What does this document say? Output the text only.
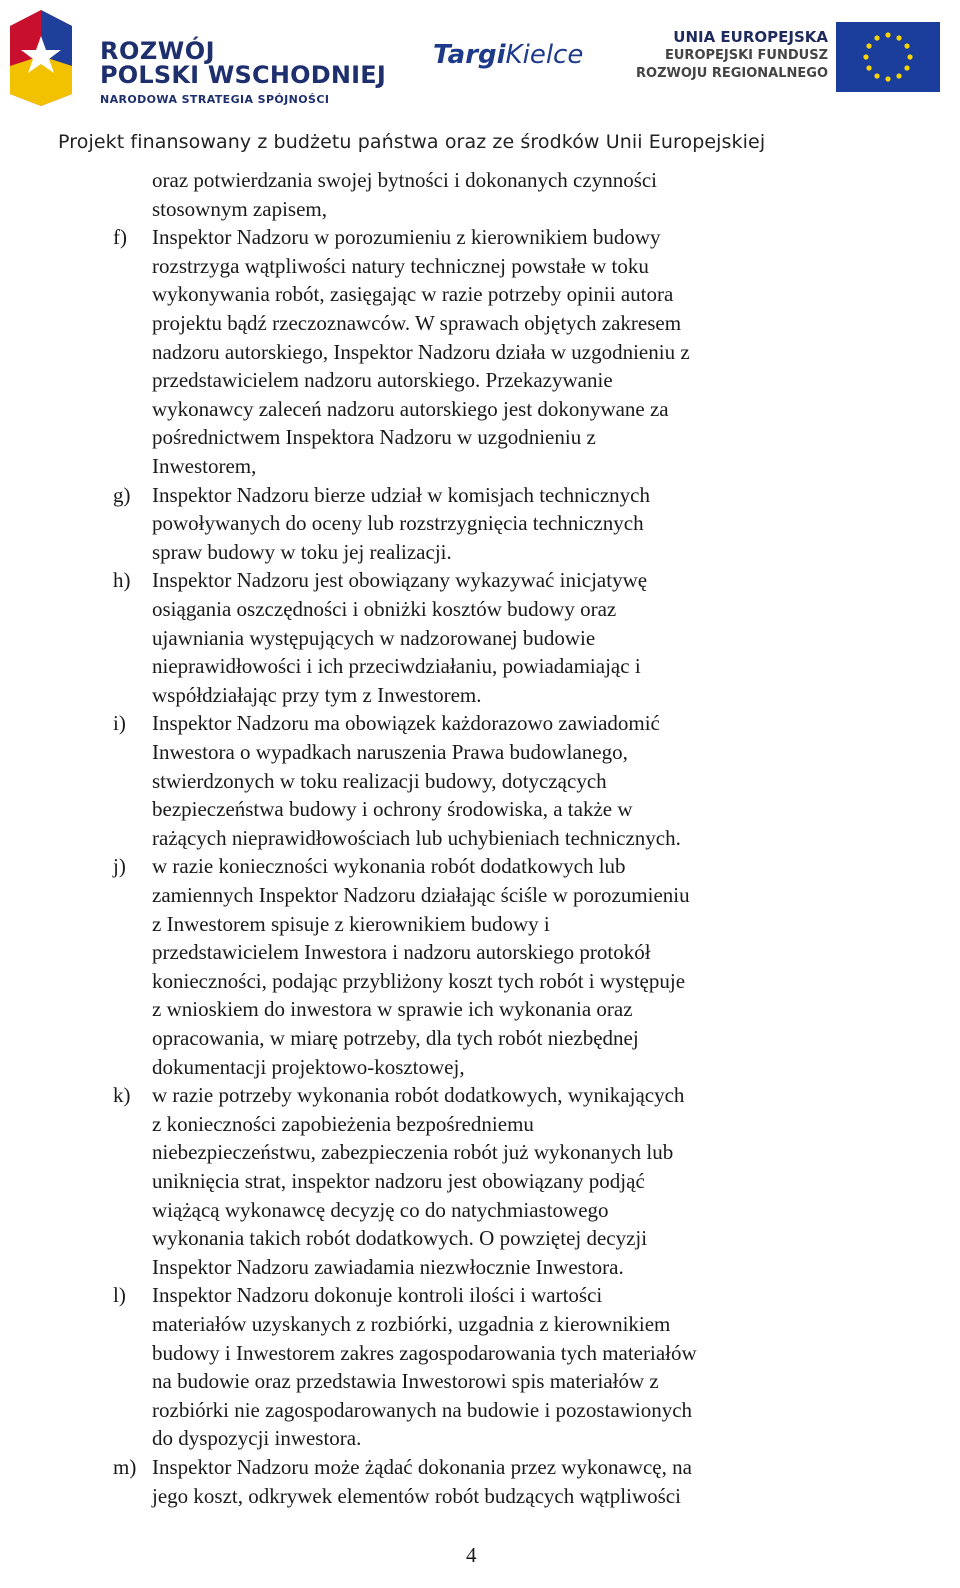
ROZWÓJ
POLSKI WSCHODNIEJ
NARODOWA STRATEGIA SPÓJNOŚCI
TargiKielce
UNIA EUROPEJSKA
EUROPEJSKI FUNDUSZ
ROZWOJU REGIONALNEGO
Projekt finansowany z budżetu państwa oraz ze środków Unii Europejskiej
oraz potwierdzania swojej bytności i dokonanych czynności
stosownym zapisem,
f) Inspektor Nadzoru w porozumieniu z kierownikiem budowy
rozstrzyga wątpliwości natury technicznej powstałe w toku
wykonywania robót, zasięgając w razie potrzeby opinii autora
projektu bądź rzeczoznawców. W sprawach objętych zakresem
nadzoru autorskiego, Inspektor Nadzoru działa w uzgodnieniu z
przedstawicielem nadzoru autorskiego. Przekazywanie
wykonawcy zaleceń nadzoru autorskiego jest dokonywane za
pośrednictwem Inspektora Nadzoru w uzgodnieniu z
Inwestorem,
g) Inspektor Nadzoru bierze udział w komisjach technicznych
powoływanych do oceny lub rozstrzygnięcia technicznych
spraw budowy w toku jej realizacji.
h) Inspektor Nadzoru jest obowiązany wykazywać inicjatywę
osiągania oszczędności i obniżki kosztów budowy oraz
ujawniania występujących w nadzorowanej budowie
nieprawidłowości i ich przeciwdziałaniu, powiadamiając i
współdziałając przy tym z Inwestorem.
i) Inspektor Nadzoru ma obowiązek każdorazowo zawiadomić
Inwestora o wypadkach naruszenia Prawa budowlanego,
stwierdzonych w toku realizacji budowy, dotyczących
bezpieczeństwa budowy i ochrony środowiska, a także w
rażących nieprawidłowościach lub uchybieniach technicznych.
j) w razie konieczności wykonania robót dodatkowych lub
zamiennych Inspektor Nadzoru działając ściśle w porozumieniu
z Inwestorem spisuje z kierownikiem budowy i
przedstawicielem Inwestora i nadzoru autorskiego protokół
konieczności, podając przybliżony koszt tych robót i występuje
z wnioskiem do inwestora w sprawie ich wykonania oraz
opracowania, w miarę potrzeby, dla tych robót niezbędnej
dokumentacji projektowo-kosztowej,
k) w razie potrzeby wykonania robót dodatkowych, wynikających
z konieczności zapobieżenia bezpośredniemu
niebezpieczeństwu, zabezpieczenia robót już wykonanych lub
uniknięcia strat, inspektor nadzoru jest obowiązany podjąć
wiążącą wykonawcę decyzję co do natychmiastowego
wykonania takich robót dodatkowych. O powziętej decyzji
Inspektor Nadzoru zawiadamia niezwłocznie Inwestora.
l) Inspektor Nadzoru dokonuje kontroli ilości i wartości
materiałów uzyskanych z rozbiórki, uzgadnia z kierownikiem
budowy i Inwestorem zakres zagospodarowania tych materiałów
na budowie oraz przedstawia Inwestorowi spis materiałów z
rozbiórki nie zagospodarowanych na budowie i pozostawionych
do dyspozycji inwestora.
m) Inspektor Nadzoru może żądać dokonania przez wykonawcę, na
jego koszt, odkrywek elementów robót budzących wątpliwości
4
